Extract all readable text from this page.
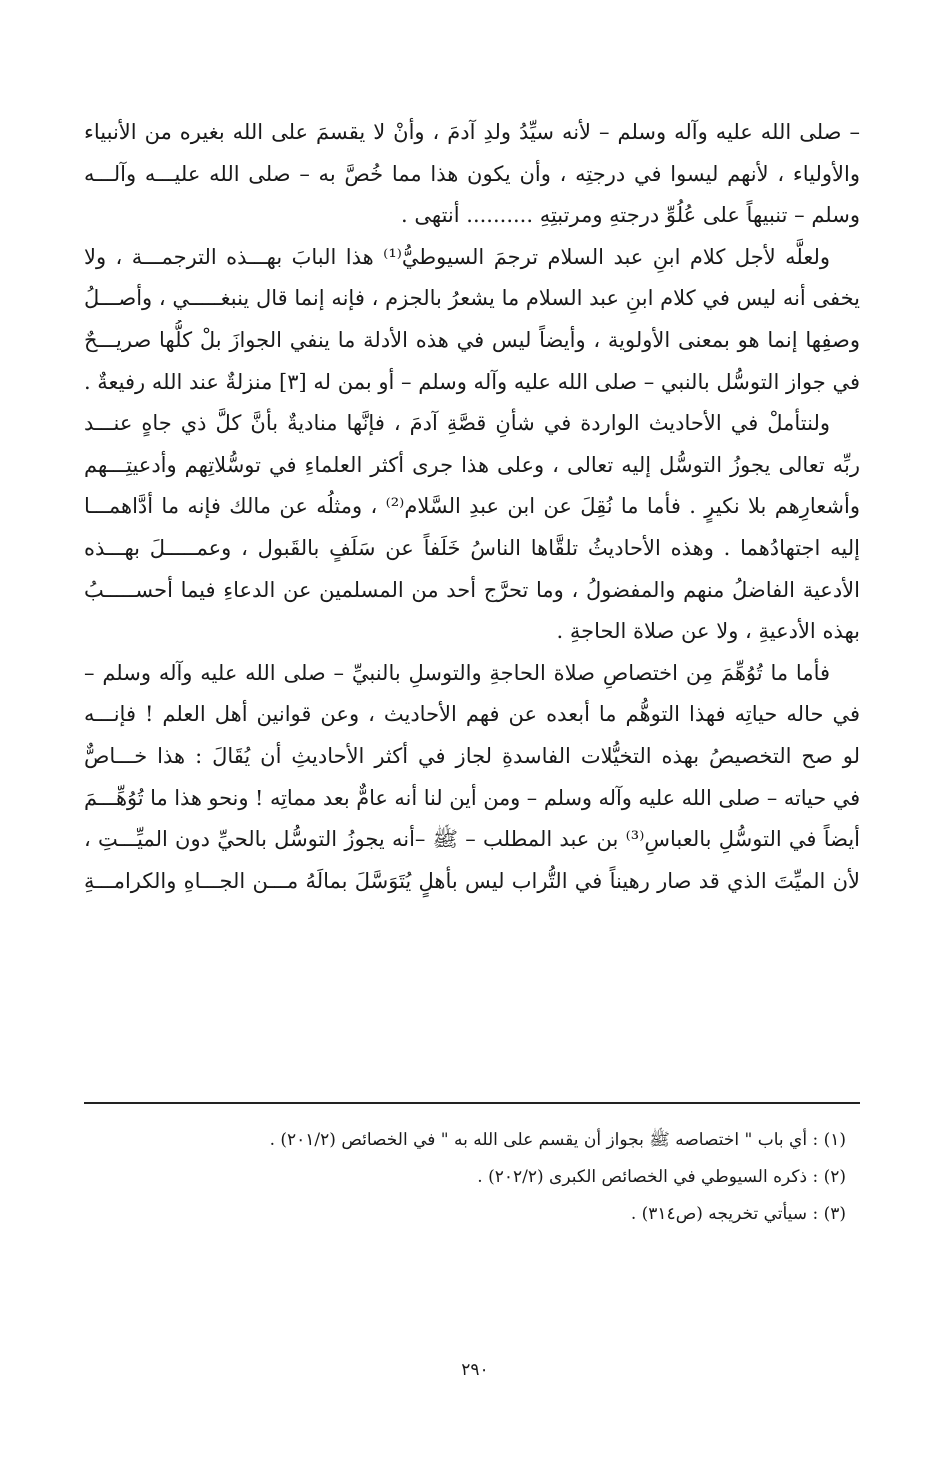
– صلى الله عليه وآله وسلم – لأنه سيِّدُ ولدِ آدمَ ، وأنْ لا يقسمَ على الله بغيره من الأنبياء
والأولياء ، لأنهم ليسوا في درجتِه ، وأن يكون هذا مما خُصَّ به – صلى الله عليـــه وآلـــه
وسلم – تنبيهاً على عُلُوِّ درجتهِ ومرتبتِهِ .......... أنتهى .
ولعلَّه لأجل كلام ابنِ عبد السلام ترجمَ السيوطيُّ⁽¹⁾ هذا البابَ بهـــذه الترجمـــة ، ولا
يخفى أنه ليس في كلام ابنِ عبد السلام ما يشعرُ بالجزم ، فإنه إنما قال ينبغـــــي ، وأصـــلُ
وصفِها إنما هو بمعنى الأولوية ، وأيضاً ليس في هذه الأدلة ما ينفي الجوازَ بلْ كلُّها صريـــحٌ
في جواز التوسُّل بالنبي – صلى الله عليه وآله وسلم – أو بمن له [٣] منزلةٌ عند الله رفيعةٌ .
ولنتأملْ في الأحاديث الواردة في شأنِ قصَّةِ آدمَ ، فإنَّها مناديةٌ بأنَّ كلَّ ذي جاهٍ عنـــد
ربِّه تعالى يجوزُ التوسُّل إليه تعالى ، وعلى هذا جرى أكثر العلماءِ في توسُّلاتِهم وأدعيتِـــهم
وأشعارِهم بلا نكيرٍ . فأما ما نُقِلَ عن ابن عبدِ السَّلام⁽²⁾ ، ومثلُه عن مالك فإنه ما أدَّاهمـــا
إليه اجتهادُهما . وهذه الأحاديثُ تلقَّاها الناسُ خَلَفاً عن سَلَفٍ بالقَبول ، وعمـــــلَ بهـــذه
الأدعية الفاضلُ منهم والمفضولُ ، وما تحرَّج أحد من المسلمين عن الدعاءِ فيما أحســـــبُ
بهذه الأدعيةِ ، ولا عن صلاة الحاجةِ .
فأما ما تُوُهِّمَ مِن اختصاصِ صلاة الحاجةِ والتوسلِ بالنبيِّ – صلى الله عليه وآله وسلم –
في حاله حياتِه فهذا التوهُّم ما أبعده عن فهم الأحاديث ، وعن قوانين أهل العلم ! فإنـــه
لو صح التخصيصُ بهذه التخيُّلات الفاسدةِ لجاز في أكثر الأحاديثِ أن يُقَالَ : هذا خـــاصٌّ
في حياته – صلى الله عليه وآله وسلم – ومن أين لنا أنه عامٌّ بعد مماتِه ! ونحو هذا ما تُوُهِّـــمَ
أيضاً في التوسُّلِ بالعباسِ⁽³⁾ بن عبد المطلب – ﷺ –أنه يجوزُ التوسُّل بالحيِّ دون الميِّـــتِ ،
لأن الميِّتَ الذي قد صار رهيناً في التُّراب ليس بأهلٍ يُتَوَسَّلَ بمالَهُ مـــن الجـــاهِ والكرامـــةِ
(١) : أي باب " اختصاصه ﷺ بجواز أن يقسم على الله به " في الخصائص (٢٠١/٢) .
(٢) : ذكره السيوطي في الخصائص الكبرى (٢٠٢/٢) .
(٣) : سيأتي تخريجه (ص٣١٤) .
٢٩٠
